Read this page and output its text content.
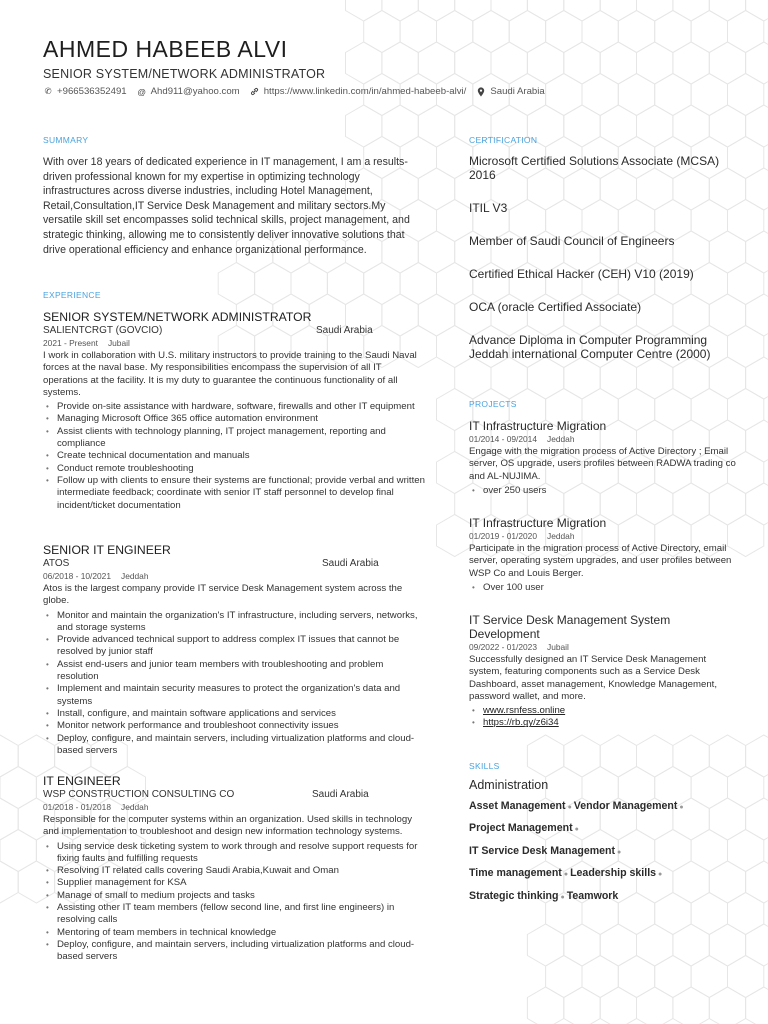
AHMED HABEEB ALVI
SENIOR SYSTEM/NETWORK ADMINISTRATOR
✆ +966536352491 @ Ahd911@yahoo.com	https://www.linkedin.com/in/ahmed-habeeb-alvi/	Saudi Arabia
SUMMARY
With over 18 years of dedicated experience in IT management, I am a results-driven professional known for my expertise in optimizing technology infrastructures across diverse industries, including Hotel Management, Retail,Consultation,IT Service Desk Management and military sectors.My versatile skill set encompasses solid technical skills, project management, and strategic thinking, allowing me to consistently deliver innovative solutions that drive operational efficiency and enhance organizational performance.
EXPERIENCE
SENIOR SYSTEM/NETWORK ADMINISTRATOR
SALIENTCRGT (GOVCIO)	Saudi Arabia
2021 - Present Jubail
I work in collaboration with U.S. military instructors to provide training to the Saudi Naval forces at the naval base. My responsibilities encompass the supervision of all IT operations at the facility. It is my duty to guarantee the continuous functionality of all systems.
• Provide on-site assistance with hardware, software, firewalls and other IT equipment
• Managing Microsoft Office 365 office automation environment
• Assist clients with technology planning, IT project management, reporting and compliance
• Create technical documentation and manuals
• Conduct remote troubleshooting
• Follow up with clients to ensure their systems are functional; provide verbal and written intermediate feedback; coordinate with senior IT staff personnel to develop final incident/ticket documentation
SENIOR IT ENGINEER
ATOS	Saudi Arabia
06/2018 - 10/2021 Jeddah
Atos is the largest company provide IT service Desk Management system across the globe.
• Monitor and maintain the organization's IT infrastructure, including servers, networks, and storage systems
• Provide advanced technical support to address complex IT issues that cannot be resolved by junior staff
• Assist end-users and junior team members with troubleshooting and problem resolution
• Implement and maintain security measures to protect the organization's data and systems
• Install, configure, and maintain software applications and services
• Monitor network performance and troubleshoot connectivity issues
• Deploy, configure, and maintain servers, including virtualization platforms and cloud-based servers
IT ENGINEER
WSP CONSTRUCTION CONSULTING CO	Saudi Arabia
01/2018 - 01/2018 Jeddah
Responsible for the computer systems within an organization. Used skills in technology and implementation to troubleshoot and design new information technology systems.
• Using service desk ticketing system to work through and resolve support requests for fixing faults and fulfilling requests
• Resolving IT related calls covering Saudi Arabia,Kuwait and Oman
• Supplier management for KSA
• Manage of small to medium projects and tasks
• Assisting other IT team members (fellow second line, and first line engineers) in resolving calls
• Mentoring of team members in technical knowledge
• Deploy, configure, and maintain servers, including virtualization platforms and cloud-based servers
CERTIFICATION
Microsoft Certified Solutions Associate (MCSA) 2016
ITIL V3
Member of Saudi Council of Engineers
Certified Ethical Hacker (CEH) V10 (2019)
OCA (oracle Certified Associate)
Advance Diploma in Computer Programming Jeddah international Computer Centre (2000)
PROJECTS
IT Infrastructure Migration
01/2014 - 09/2014 Jeddah
Engage with the migration process of Active Directory ; Email server, OS upgrade, users profiles between RADWA trading co and AL-NUJIMA.
• over 250 users
IT Infrastructure Migration
01/2019 - 01/2020 Jeddah
Participate in the migration process of Active Directory, email server, operating system upgrades, and user profiles between WSP Co and Louis Berger.
• Over 100 user
IT Service Desk Management System Development
09/2022 - 01/2023 Jubail
Successfully designed an IT Service Desk Management system, featuring components such as a Service Desk Dashboard, asset management, Knowledge Management, password wallet, and more.
• www.rsnfess.online
• https://rb.gy/z6i34
SKILLS
Administration
Asset Management ● Vendor Management ●
Project Management ●
IT Service Desk Management ●
Time management ● Leadership skills ●
Strategic thinking ● Teamwork
